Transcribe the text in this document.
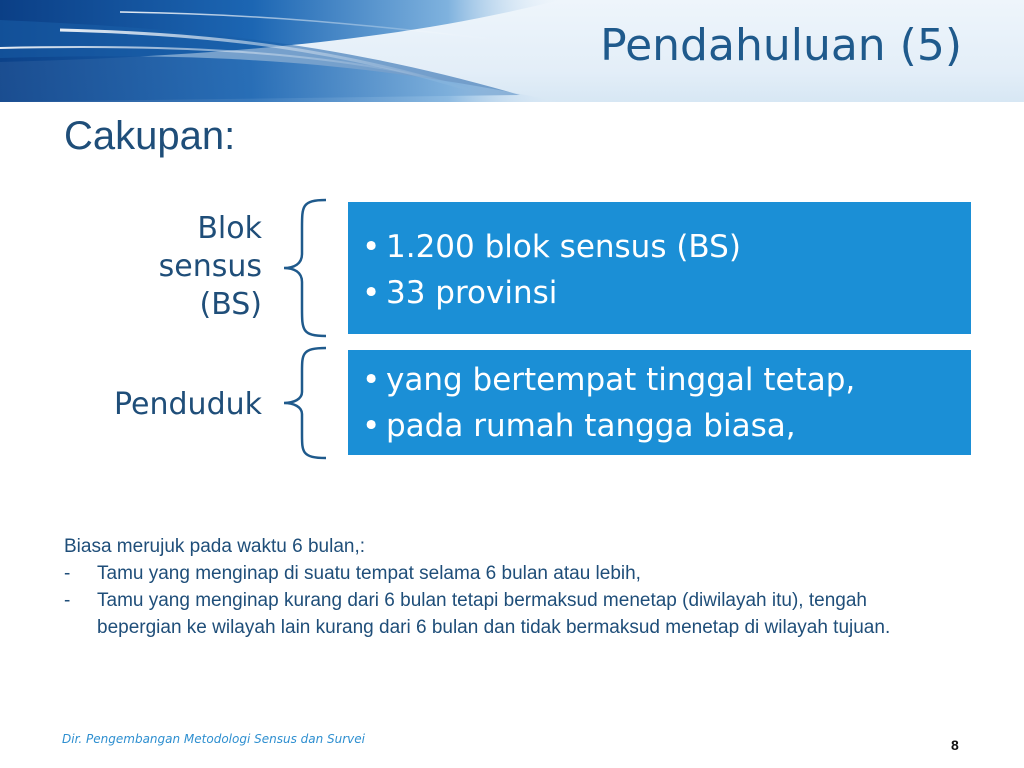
Pendahuluan (5)
Cakupan:
Blok
sensus
(BS)
• 1.200 blok sensus (BS)
• 33 provinsi
Penduduk
• yang bertempat tinggal tetap,
• pada rumah tangga biasa,
Biasa merujuk pada waktu 6 bulan,:
-	Tamu yang menginap di suatu tempat selama 6 bulan atau lebih,
-	Tamu yang menginap kurang dari 6 bulan tetapi bermaksud menetap (diwilayah itu), tengah bepergian ke wilayah lain kurang dari 6 bulan dan tidak bermaksud menetap di wilayah tujuan.
Dir. Pengembangan Metodologi Sensus dan Survei	8
